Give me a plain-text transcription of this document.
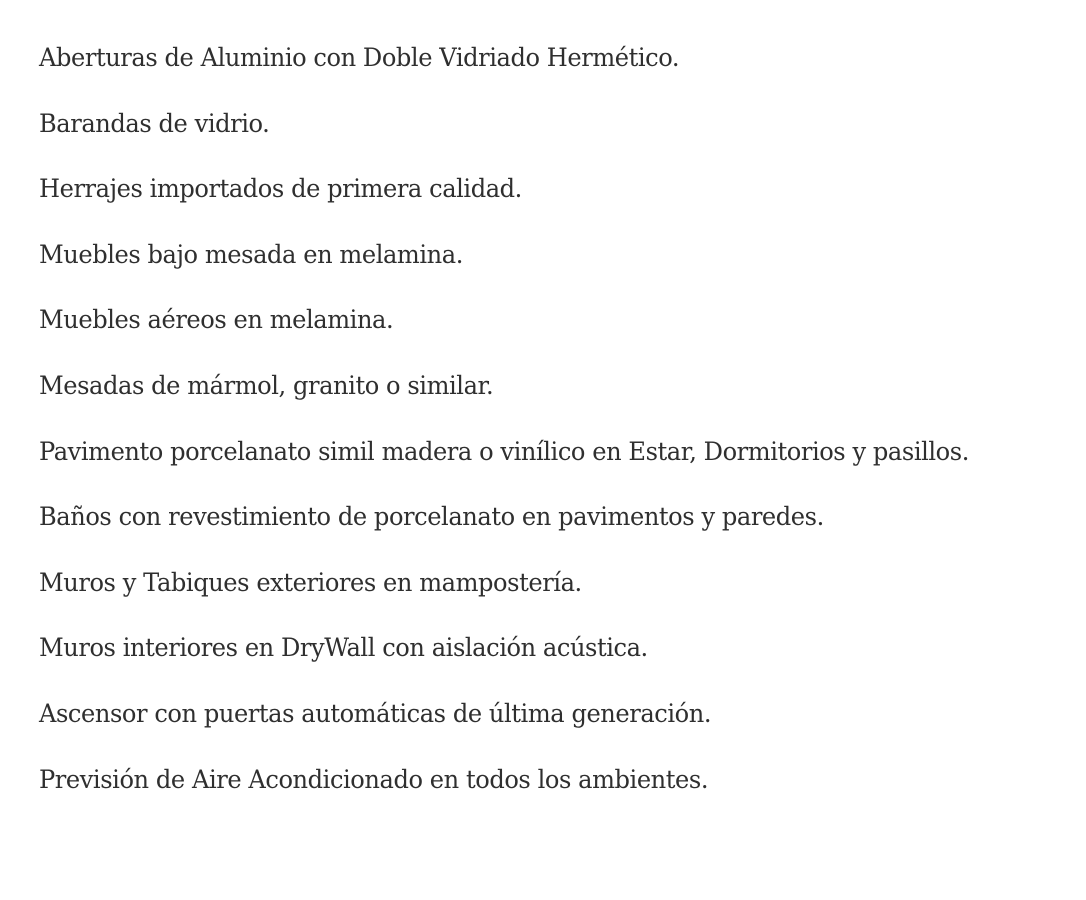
Aberturas de Aluminio con Doble Vidriado Hermético.
Barandas de vidrio.
Herrajes importados de primera calidad.
Muebles bajo mesada en melamina.
Muebles aéreos en melamina.
Mesadas de mármol, granito o similar.
Pavimento porcelanato simil madera o vinílico en Estar, Dormitorios y pasillos.
Baños con revestimiento de porcelanato en pavimentos y paredes.
Muros y Tabiques exteriores en mampostería.
Muros interiores en DryWall con aislación acústica.
Ascensor con puertas automáticas de última generación.
Previsión de Aire Acondicionado en todos los ambientes.
